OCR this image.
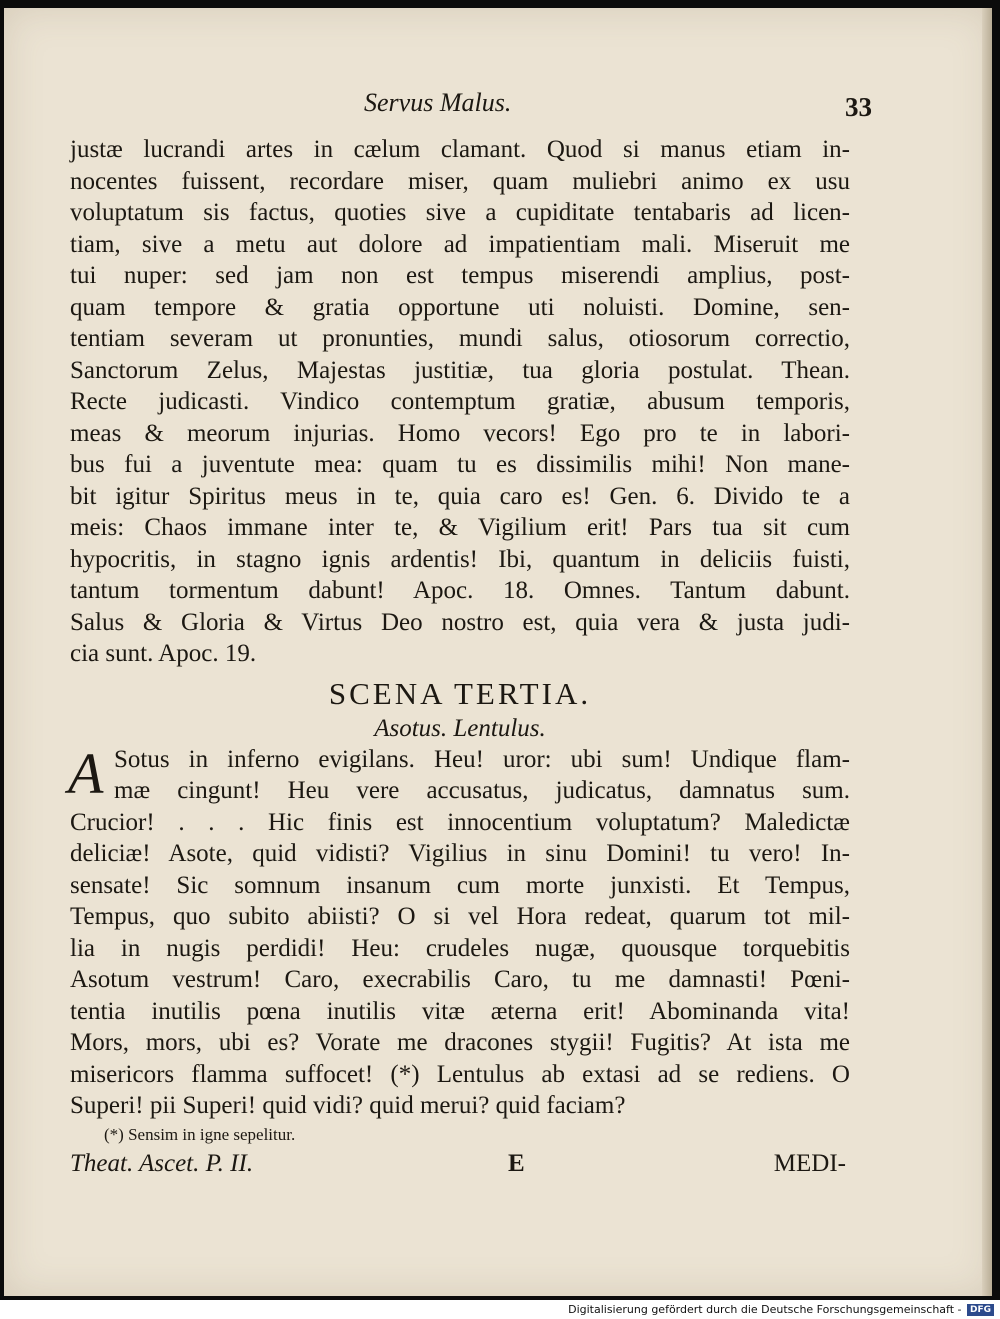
Servus Malus.	33
justæ lucrandi artes in cælum clamant. Quod si manus etiam in-
nocentes fuissent, recordare miser, quam muliebri animo ex usu
voluptatum sis factus, quoties sive a cupiditate tentabaris ad licen-
tiam, sive a metu aut dolore ad impatientiam mali. Miseruit me
tui nuper: sed jam non est tempus miserendi amplius, post-
quam tempore & gratia opportune uti noluisti. Domine, sen-
tentiam severam ut pronunties, mundi salus, otiosorum correctio,
Sanctorum Zelus, Majestas justitiæ, tua gloria postulat. Thean.
Recte judicasti. Vindico contemptum gratiæ, abusum temporis,
meas & meorum injurias. Homo vecors! Ego pro te in labori-
bus fui a juventute mea: quam tu es dissimilis mihi! Non mane-
bit igitur Spiritus meus in te, quia caro es! Gen. 6. Divido te a
meis: Chaos immane inter te, & Vigilium erit! Pars tua sit cum
hypocritis, in stagno ignis ardentis! Ibi, quantum in deliciis fuisti,
tantum tormentum dabunt! Apoc. 18. Omnes. Tantum dabunt.
Salus & Gloria & Virtus Deo nostro est, quia vera & justa judi-
cia sunt. Apoc. 19.
SCENA TERTIA.
Asotus. Lentulus.
A Sotus in inferno evigilans. Heu! uror: ubi sum! Undique flam-
mæ cingunt! Heu vere accusatus, judicatus, damnatus sum.
Crucior! . . . Hic finis est innocentium voluptatum? Maledictæ
deliciæ! Asote, quid vidisti? Vigilius in sinu Domini! tu vero! In-
sensate! Sic somnum insanum cum morte junxisti. Et Tempus,
Tempus, quo subito abiisti? O si vel Hora redeat, quarum tot mil-
lia in nugis perdidi! Heu: crudeles nugæ, quousque torquebitis
Asotum vestrum! Caro, execrabilis Caro, tu me damnasti! Pœni-
tentia inutilis pœna inutilis vitæ æterna erit! Abominanda vita!
Mors, mors, ubi es? Vorate me dracones stygii! Fugitis? At ista me
misericors flamma suffocet! (*) Lentulus ab extasi ad se rediens. O
Superi! pii Superi! quid vidi? quid merui? quid faciam?
(*) Sensim in igne sepelitur.
Theat. Ascet. P. II.	E	MEDI-
Digitalisierung gefördert durch die Deutsche Forschungsgemeinschaft - DFG
